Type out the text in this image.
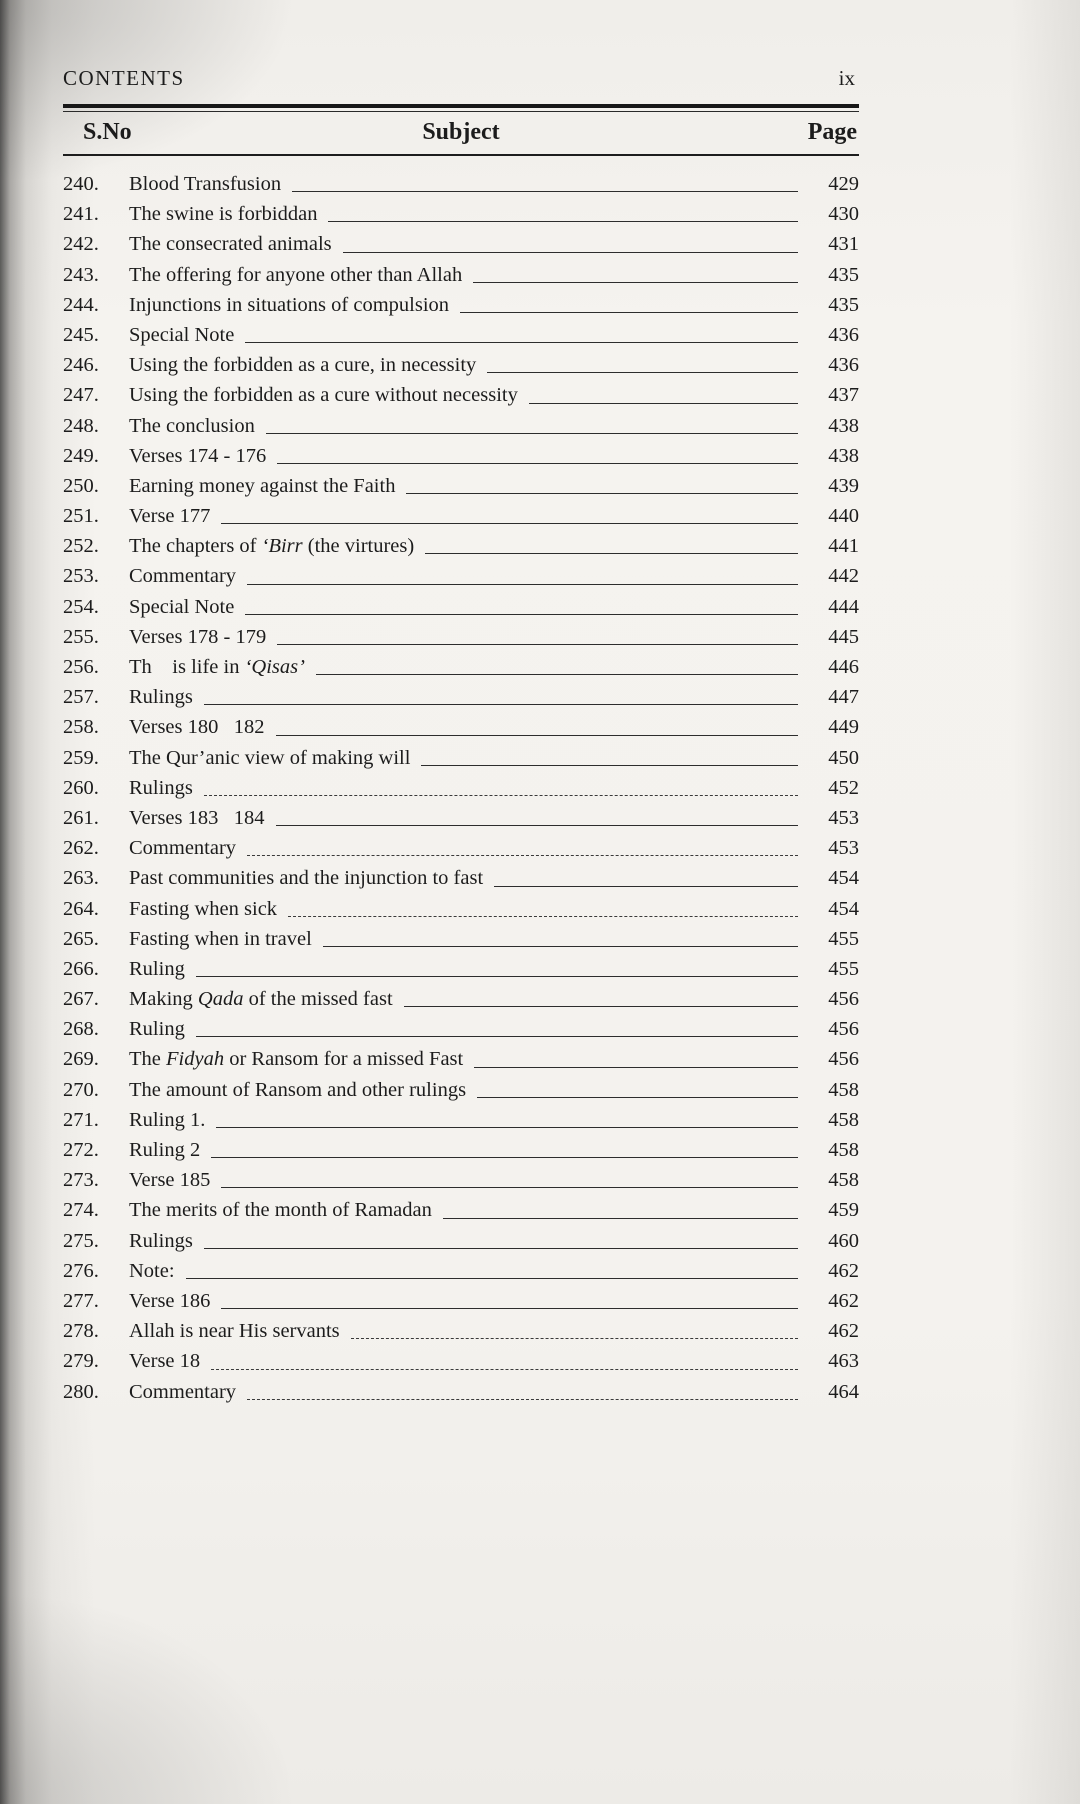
CONTENTS	ix
S.No	Subject	Page
240.	Blood Transfusion	429
241.	The swine is forbiddan	430
242.	The consecrated animals	431
243.	The offering for anyone other than Allah	435
244.	Injunctions in situations of compulsion	435
245.	Special Note	436
246.	Using the forbidden as a cure, in necessity	436
247.	Using the forbidden as a cure without necessity	437
248.	The conclusion	438
249.	Verses 174 - 176	438
250.	Earning money against the Faith	439
251.	Verse 177	440
252.	The chapters of ‘Birr (the virtures)	441
253.	Commentary	442
254.	Special Note	444
255.	Verses 178 - 179	445
256.	Th    is life in ‘Qisas’	446
257.	Rulings	447
258.	Verses 180   182	449
259.	The Qur’anic view of making will	450
260.	Rulings	452
261.	Verses 183   184	453
262.	Commentary	453
263.	Past communities and the injunction to fast	454
264.	Fasting when sick	454
265.	Fasting when in travel	455
266.	Ruling	455
267.	Making Qada of the missed fast	456
268.	Ruling	456
269.	The Fidyah or Ransom for a missed Fast	456
270.	The amount of Ransom and other rulings	458
271.	Ruling 1.	458
272.	Ruling 2	458
273.	Verse 185	458
274.	The merits of the month of Ramadan	459
275.	Rulings	460
276.	Note:	462
277.	Verse 186	462
278.	Allah is near His servants	462
279.	Verse 18	463
280.	Commentary	464
